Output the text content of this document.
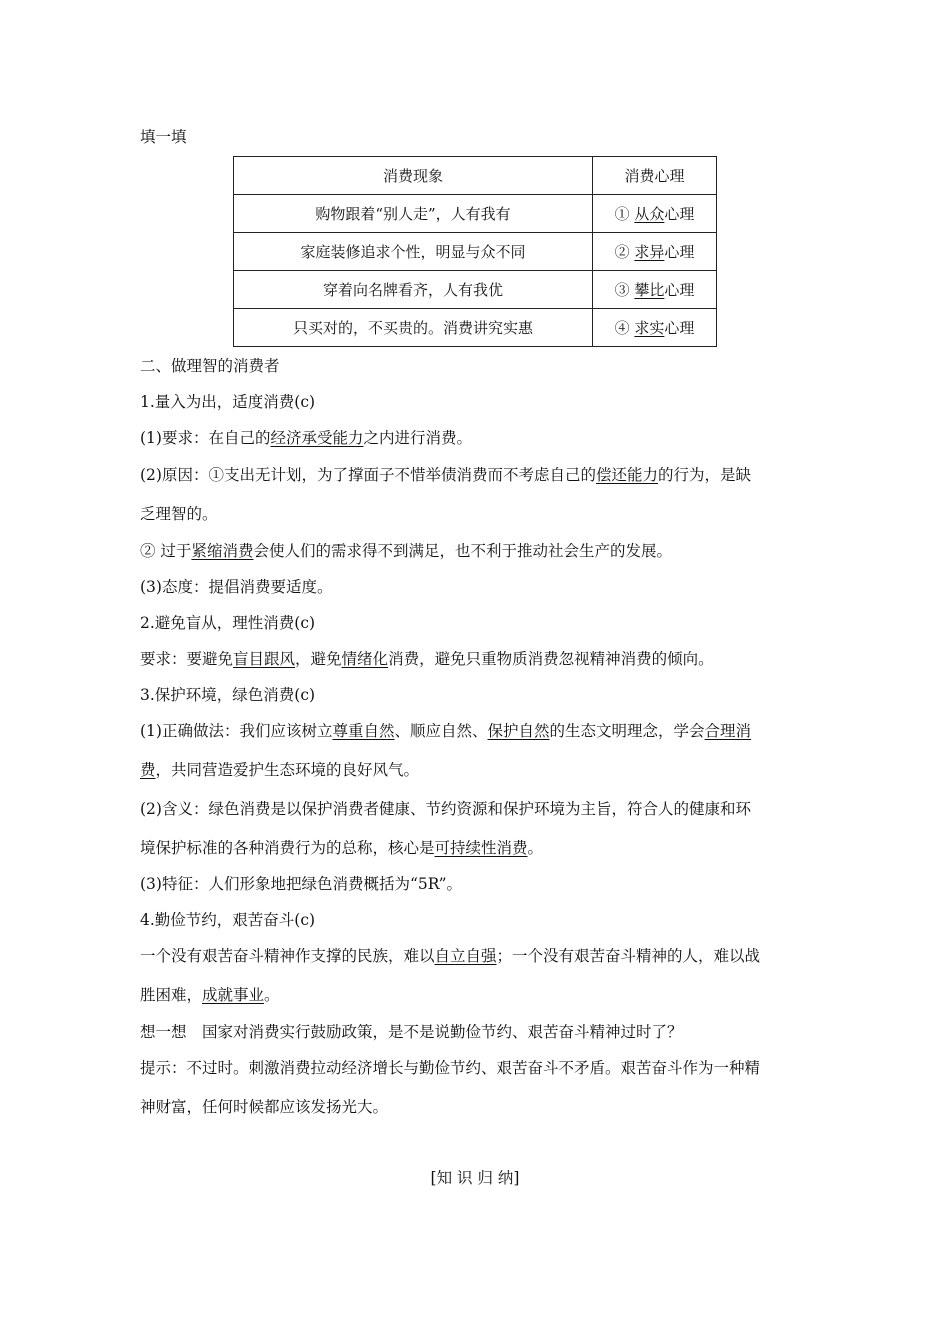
填一填
消费现象	消费心理
购物跟着“别人走”，人有我有	① 从众心理
家庭装修追求个性，明显与众不同	② 求异心理
穿着向名牌看齐，人有我优	③ 攀比心理
只买对的，不买贵的。消费讲究实惠	④ 求实心理
二、做理智的消费者
1.量入为出，适度消费(c)
(1)要求：在自己的经济承受能力之内进行消费。
(2)原因：①支出无计划，为了撑面子不惜举债消费而不考虑自己的偿还能力的行为，是缺
乏理智的。
② 过于紧缩消费会使人们的需求得不到满足，也不利于推动社会生产的发展。
(3)态度：提倡消费要适度。
2.避免盲从，理性消费(c)
要求：要避免盲目跟风，避免情绪化消费，避免只重物质消费忽视精神消费的倾向。
3.保护环境，绿色消费(c)
(1)正确做法：我们应该树立尊重自然、顺应自然、保护自然的生态文明理念，学会合理消
费，共同营造爱护生态环境的良好风气。
(2)含义：绿色消费是以保护消费者健康、节约资源和保护环境为主旨，符合人的健康和环
境保护标准的各种消费行为的总称，核心是可持续性消费。
(3)特征：人们形象地把绿色消费概括为“5R”。
4.勤俭节约，艰苦奋斗(c)
一个没有艰苦奋斗精神作支撑的民族，难以自立自强；一个没有艰苦奋斗精神的人，难以战
胜困难，成就事业。
想一想　国家对消费实行鼓励政策，是不是说勤俭节约、艰苦奋斗精神过时了？
提示：不过时。刺激消费拉动经济增长与勤俭节约、艰苦奋斗不矛盾。艰苦奋斗作为一种精
神财富，任何时候都应该发扬光大。
[知 识 归 纳]
